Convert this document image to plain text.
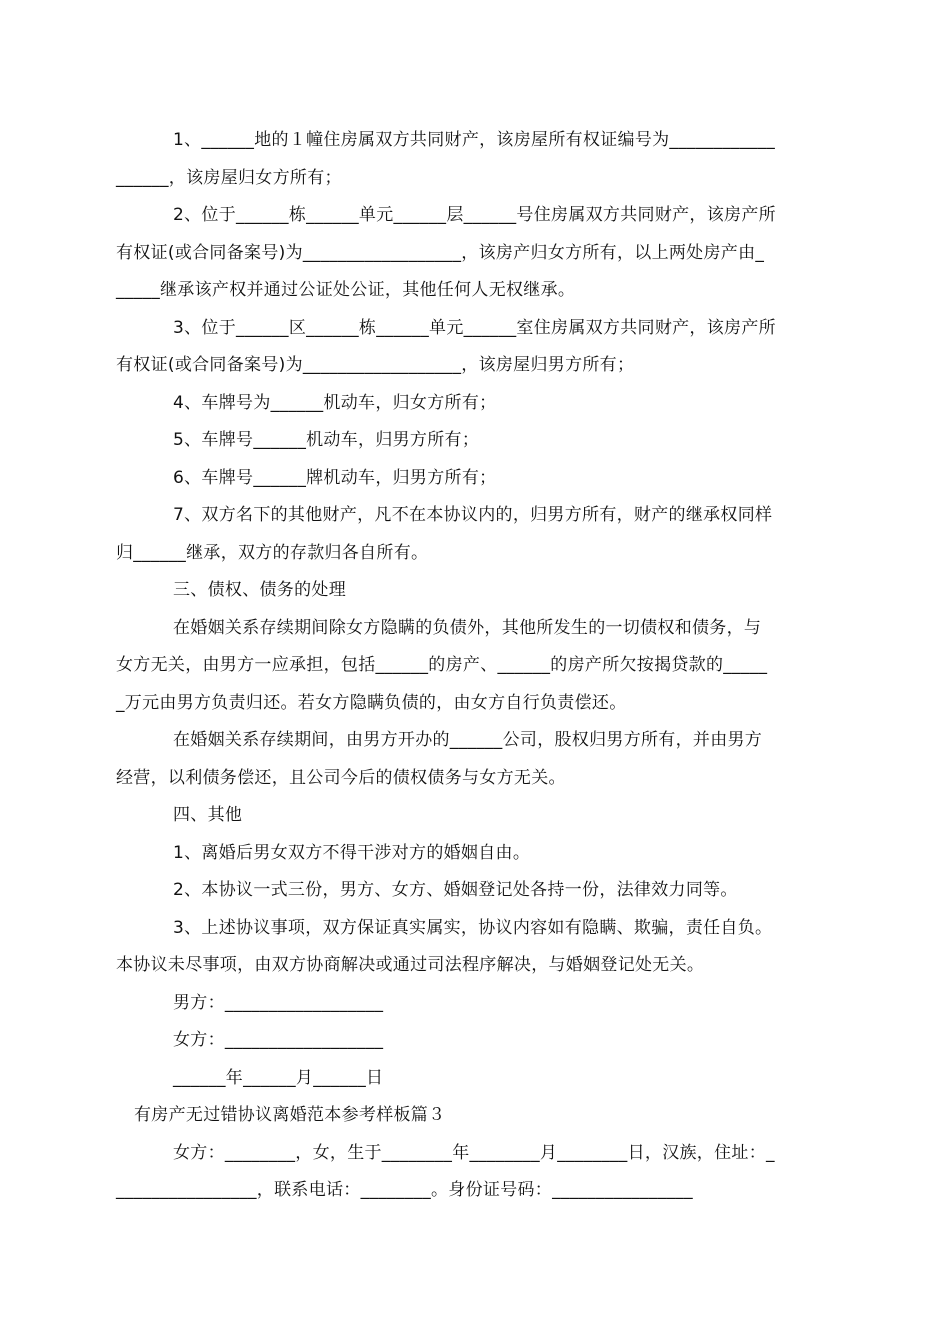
1、______地的１幢住房属双方共同财产，该房屋所有权证编号为____________
______，该房屋归女方所有；

2、位于______栋______单元______层______号住房属双方共同财产，该房产所
有权证(或合同备案号)为__________________，该房产归女方所有，以上两处房产由_
_____继承该产权并通过公证处公证，其他任何人无权继承。

3、位于______区______栋______单元______室住房属双方共同财产，该房产所
有权证(或合同备案号)为__________________，该房屋归男方所有；

4、车牌号为______机动车，归女方所有；

5、车牌号______机动车，归男方所有；

6、车牌号______牌机动车，归男方所有；

7、双方名下的其他财产，凡不在本协议内的，归男方所有，财产的继承权同样
归______继承，双方的存款归各自所有。

三、债权、债务的处理

在婚姻关系存续期间除女方隐瞒的负债外，其他所发生的一切债权和债务，与
女方无关，由男方一应承担，包括______的房产、______的房产所欠按揭贷款的_____
_万元由男方负责归还。若女方隐瞒负债的，由女方自行负责偿还。

在婚姻关系存续期间，由男方开办的______公司，股权归男方所有，并由男方
经营，以利债务偿还，且公司今后的债权债务与女方无关。

四、其他

1、离婚后男女双方不得干涉对方的婚姻自由。

2、本协议一式三份，男方、女方、婚姻登记处各持一份，法律效力同等。

3、上述协议事项，双方保证真实属实，协议内容如有隐瞒、欺骗，责任自负。
本协议未尽事项，由双方协商解决或通过司法程序解决，与婚姻登记处无关。

男方：__________________

女方：__________________

______年______月______日

有房产无过错协议离婚范本参考样板篇３

女方：________，女，生于________年________月________日，汉族，住址：_
________________，联系电话：________。身份证号码：________________
